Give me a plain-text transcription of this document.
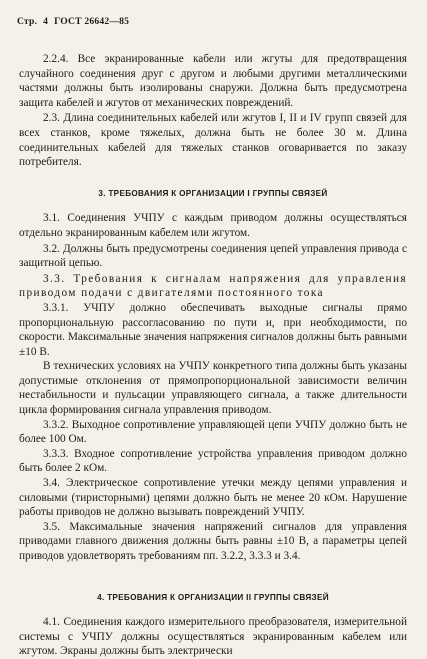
Стр. 4 ГОСТ 26642—85

2.2.4. Все экранированные кабели или жгуты для предотвращения случайного соединения друг с другом и любыми другими металлическими частями должны быть изолированы снаружи. Должна быть предусмотрена защита кабелей и жгутов от механических повреждений.

2.3. Длина соединительных кабелей или жгутов I, II и IV групп связей для всех станков, кроме тяжелых, должна быть не более 30 м. Длина соединительных кабелей для тяжелых станков оговаривается по заказу потребителя.

3. ТРЕБОВАНИЯ К ОРГАНИЗАЦИИ I ГРУППЫ СВЯЗЕЙ

3.1. Соединения УЧПУ с каждым приводом должны осуществляться отдельно экранированным кабелем или жгутом.

3.2. Должны быть предусмотрены соединения цепей управления привода с защитной цепью.

3.3. Требования к сигналам напряжения для управления приводом подачи с двигателями постоянного тока

3.3.1. УЧПУ должно обеспечивать выходные сигналы прямо пропорциональную рассогласованию по пути и, при необходимости, по скорости. Максимальные значения напряжения сигналов должны быть равными ±10 В.

В технических условиях на УЧПУ конкретного типа должны быть указаны допустимые отклонения от прямопропорциональной зависимости величин нестабильности и пульсации управляющего сигнала, а также длительности цикла формирования сигнала управления приводом.

3.3.2. Выходное сопротивление управляющей цепи УЧПУ должно быть не более 100 Ом.

3.3.3. Входное сопротивление устройства управления приводом должно быть более 2 кОм.

3.4. Электрическое сопротивление утечки между цепями управления и силовыми (тиристорными) цепями должно быть не менее 20 кОм. Нарушение работы приводов не должно вызывать повреждений УЧПУ.

3.5. Максимальные значения напряжений сигналов для управления приводами главного движения должны быть равны ±10 В, а параметры цепей приводов удовлетворять требованиям пп. 3.2.2, 3.3.3 и 3.4.

4. ТРЕБОВАНИЯ К ОРГАНИЗАЦИИ II ГРУППЫ СВЯЗЕЙ

4.1. Соединения каждого измерительного преобразователя, измерительной системы с УЧПУ должны осуществляться экранированным кабелем или жгутом. Экраны должны быть электрически
